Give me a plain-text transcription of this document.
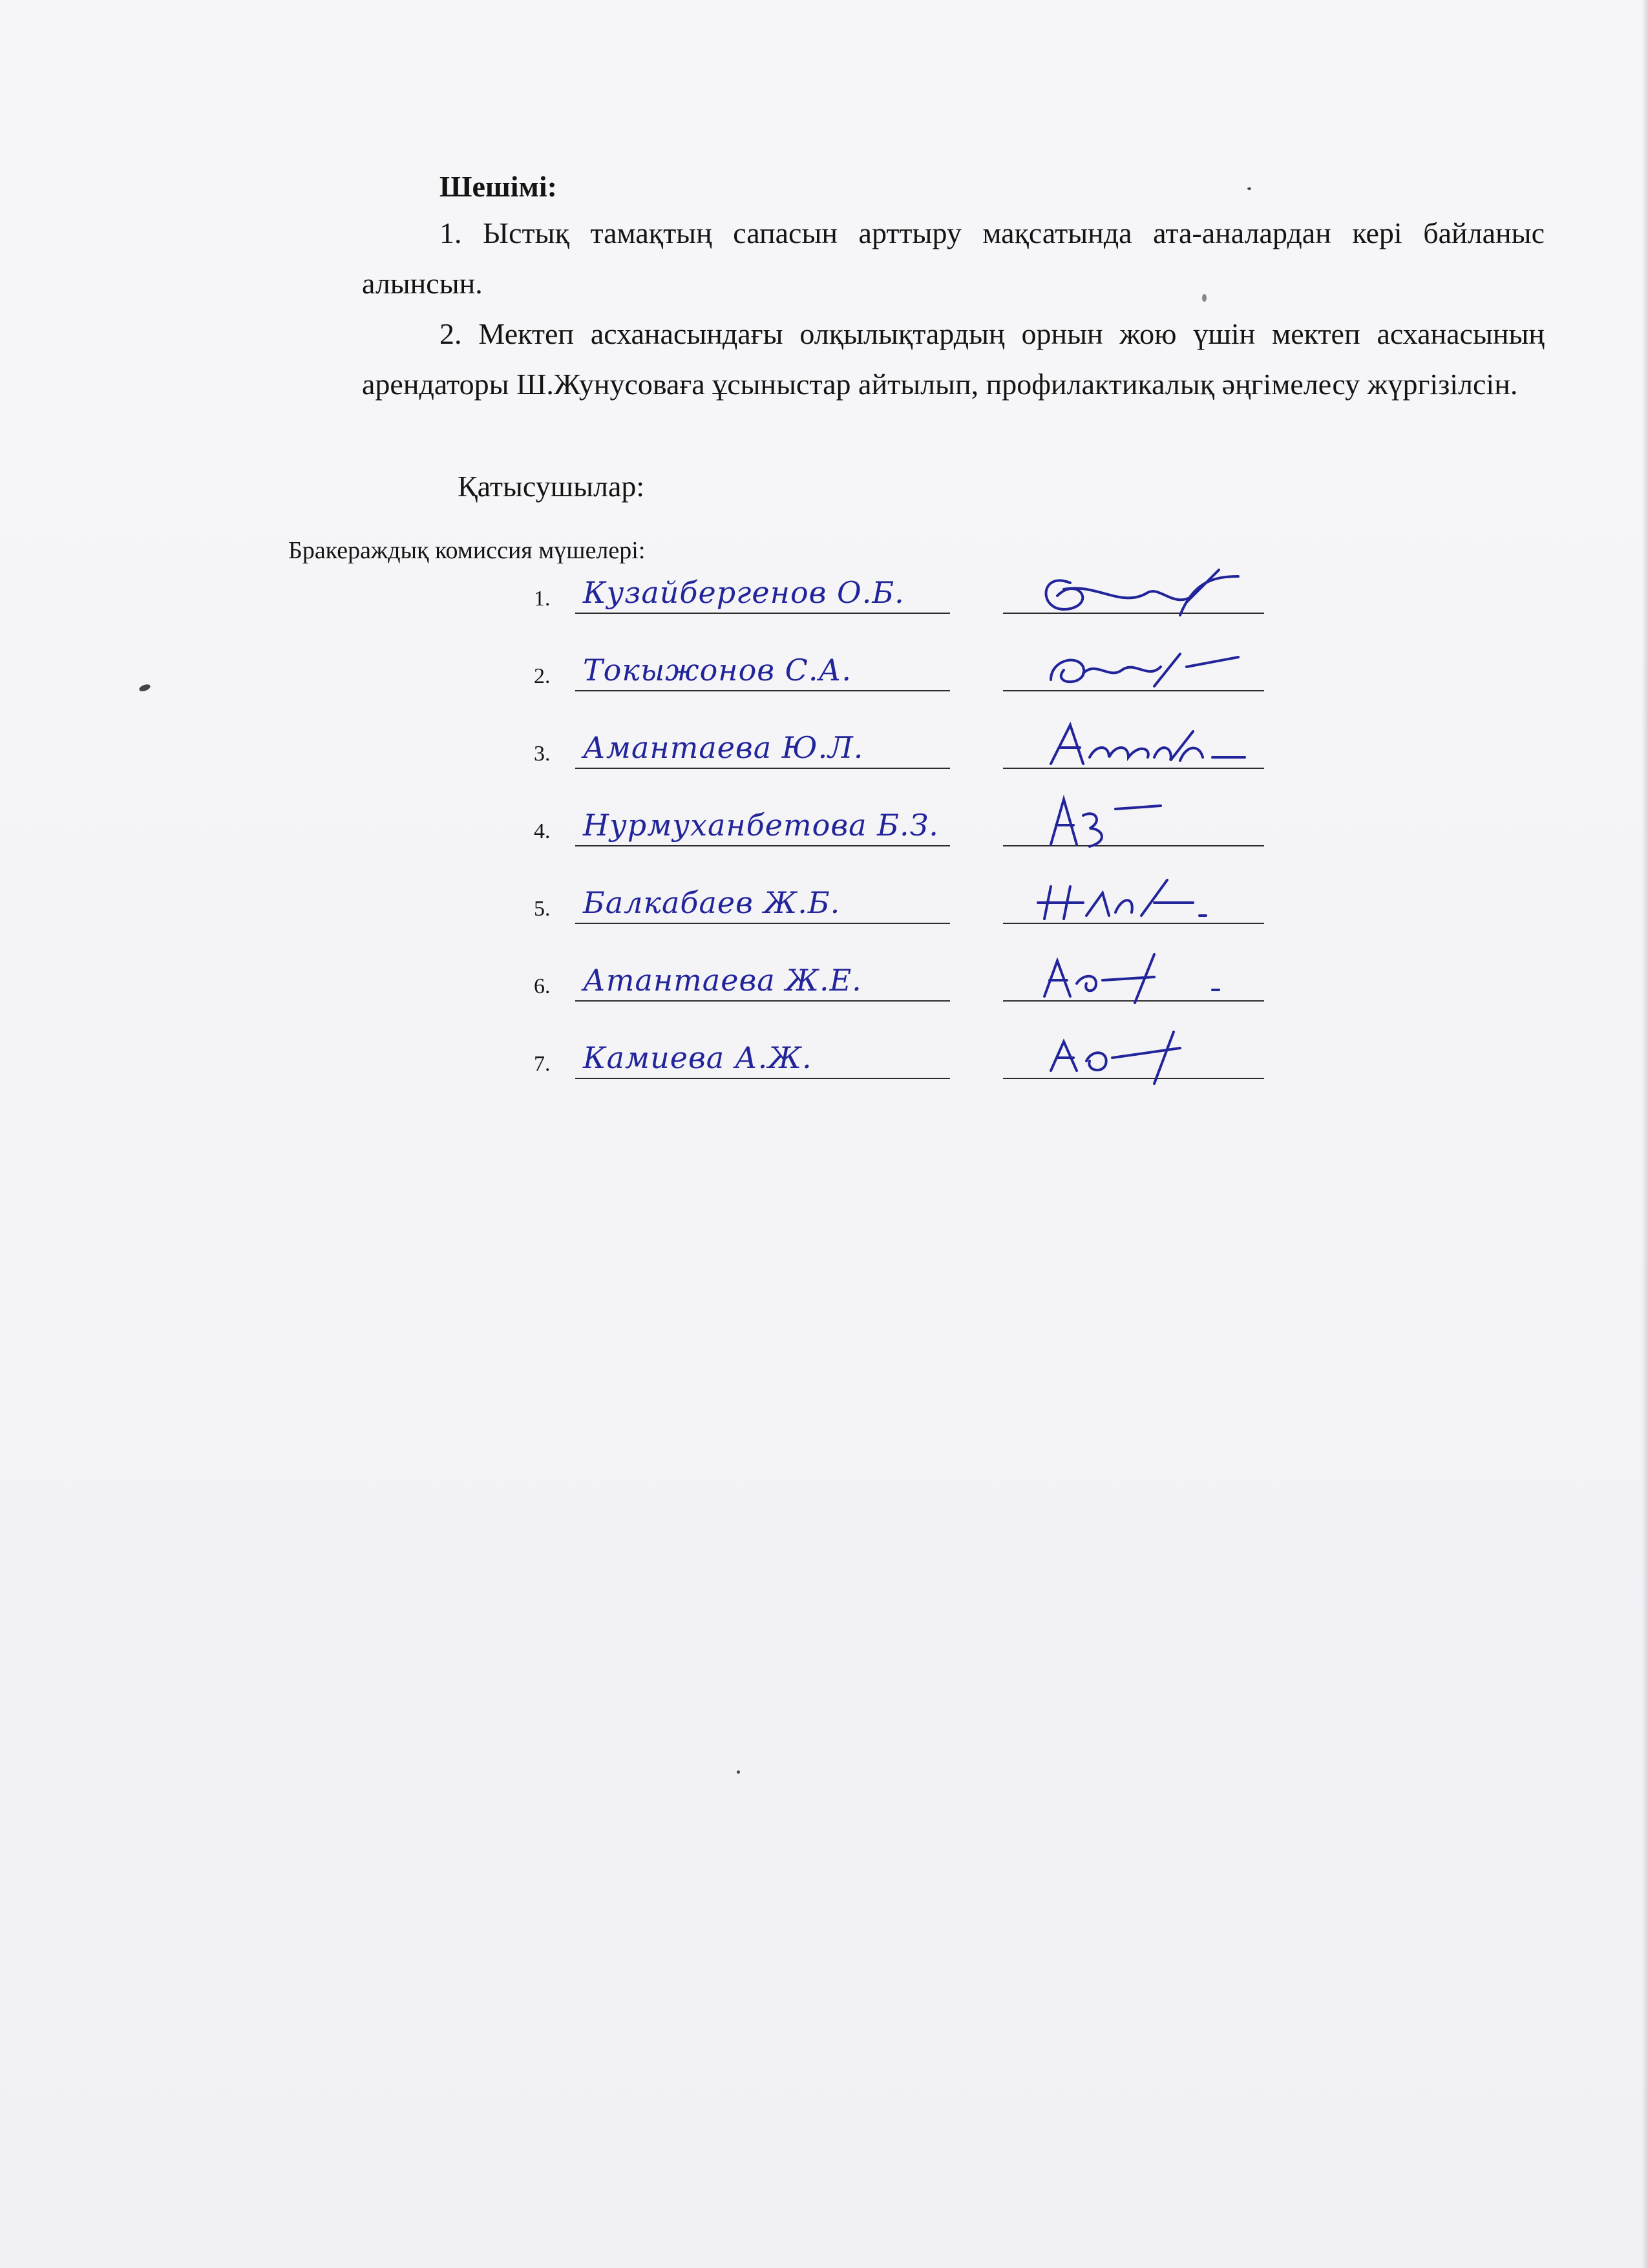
Шешімі:

1. Ыстық тамақтың сапасын арттыру мақсатында ата-аналардан кері байланыс алынсын.

2. Мектеп асханасындағы олқылықтардың орнын жою үшін мектеп асханасының арендаторы Ш.Жунусоваға ұсыныстар айтылып, профилактикалық әңгімелесу жүргізілсін.

Қатысушылар:

Бракераждық комиссия мүшелері:

1. Кузайбергенов О.Б.
2. Токыжонов С.А.
3. Амантаева Ю.Л.
4. Нурмуханбетова Б.З.
5. Балкабаев Ж.Б.
6. Атантаева Ж.Е.
7. Камиева А.Ж.
